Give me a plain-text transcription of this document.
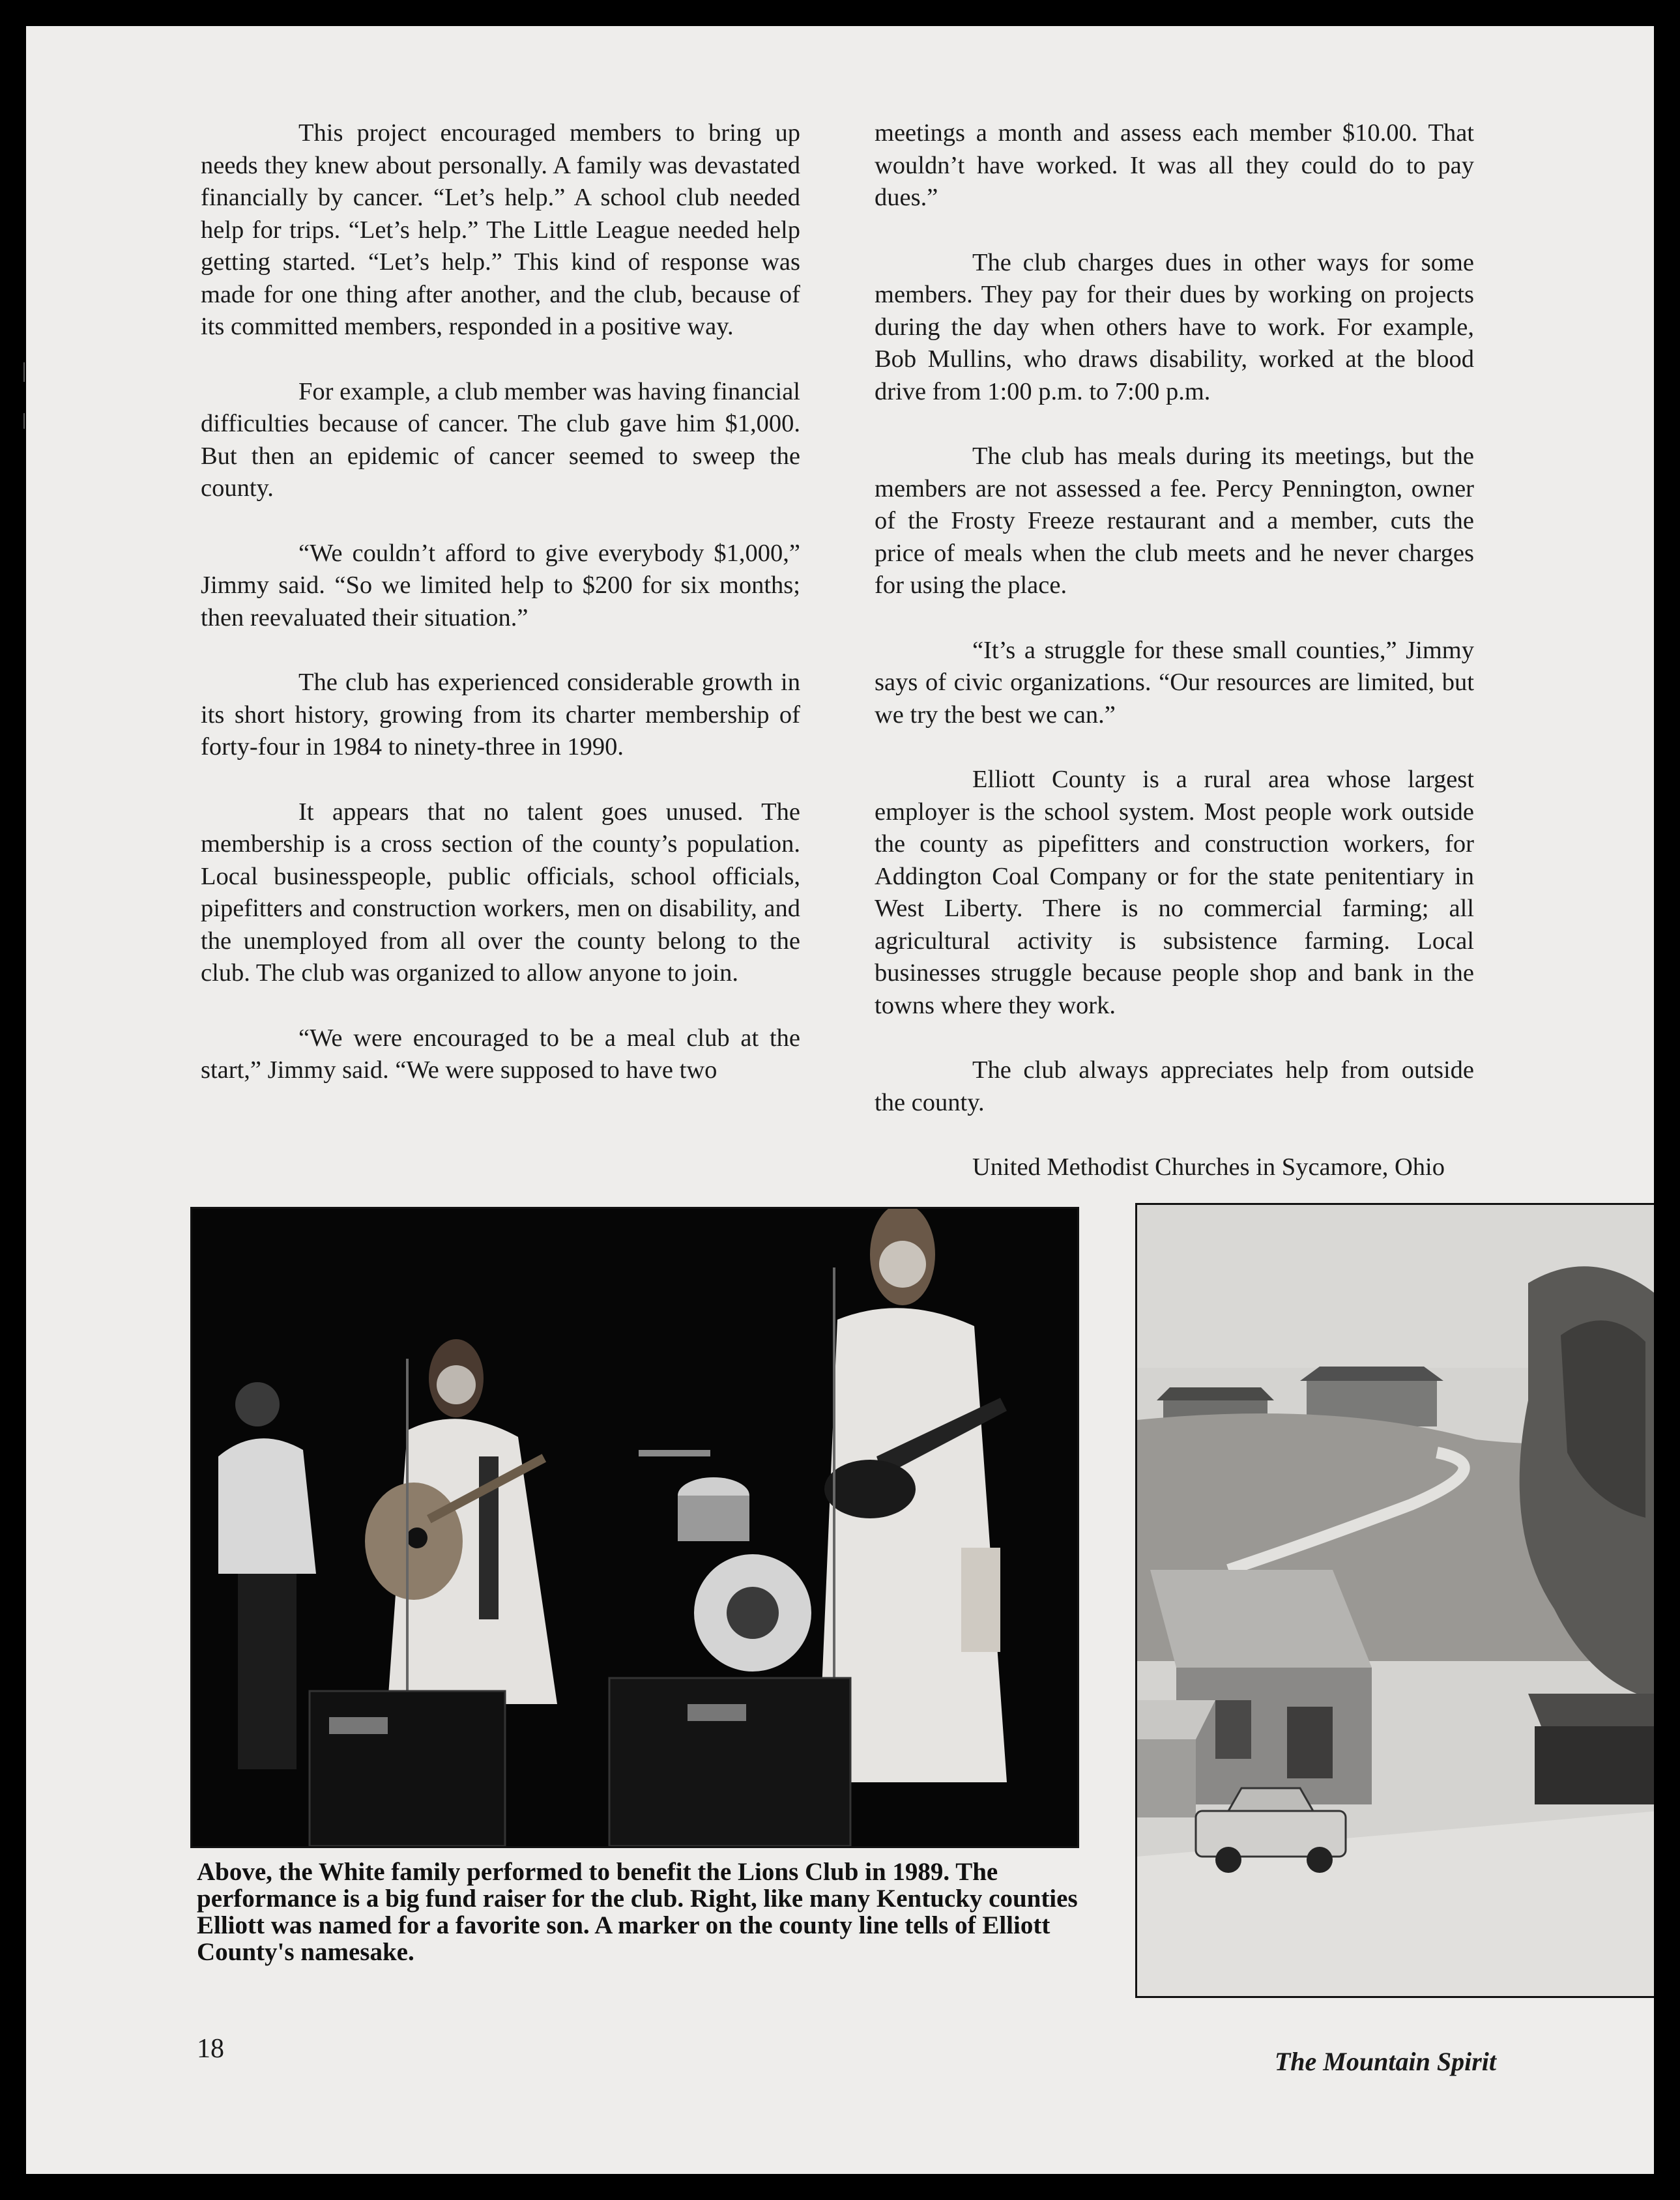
This project encouraged members to bring up needs they knew about personally. A family was devastated financially by cancer. “Let’s help.” A school club needed help for trips. “Let’s help.” The Little League needed help getting started. “Let’s help.” This kind of response was made for one thing after another, and the club, because of its committed members, responded in a positive way.

For example, a club member was having financial difficulties because of cancer. The club gave him $1,000. But then an epidemic of cancer seemed to sweep the county.

“We couldn’t afford to give everybody $1,000,” Jimmy said. “So we limited help to $200 for six months; then reevaluated their situation.”

The club has experienced considerable growth in its short history, growing from its charter membership of forty-four in 1984 to ninety-three in 1990.

It appears that no talent goes unused. The membership is a cross section of the county’s population. Local businesspeople, public officials, school officials, pipefitters and construction workers, men on disability, and the unemployed from all over the county belong to the club. The club was organized to allow anyone to join.

“We were encouraged to be a meal club at the start,” Jimmy said. “We were supposed to have two

meetings a month and assess each member $10.00. That wouldn’t have worked. It was all they could do to pay dues.”

The club charges dues in other ways for some members. They pay for their dues by working on projects during the day when others have to work. For example, Bob Mullins, who draws disability, worked at the blood drive from 1:00 p.m. to 7:00 p.m.

The club has meals during its meetings, but the members are not assessed a fee. Percy Pennington, owner of the Frosty Freeze restaurant and a member, cuts the price of meals when the club meets and he never charges for using the place.

“It’s a struggle for these small counties,” Jimmy says of civic organizations. “Our resources are limited, but we try the best we can.”

Elliott County is a rural area whose largest employer is the school system. Most people work outside the county as pipefitters and construction workers, for Addington Coal Company or for the state penitentiary in West Liberty. There is no commercial farming; all agricultural activity is subsistence farming. Local businesses struggle because people shop and bank in the towns where they work.

The club always appreciates help from outside the county.

United Methodist Churches in Sycamore, Ohio

Above, the White family performed to benefit the Lions Club in 1989. The performance is a big fund raiser for the club. Right, like many Kentucky counties Elliott was named for a favorite son. A marker on the county line tells of Elliott County's namesake.

18	The Mountain Spirit
